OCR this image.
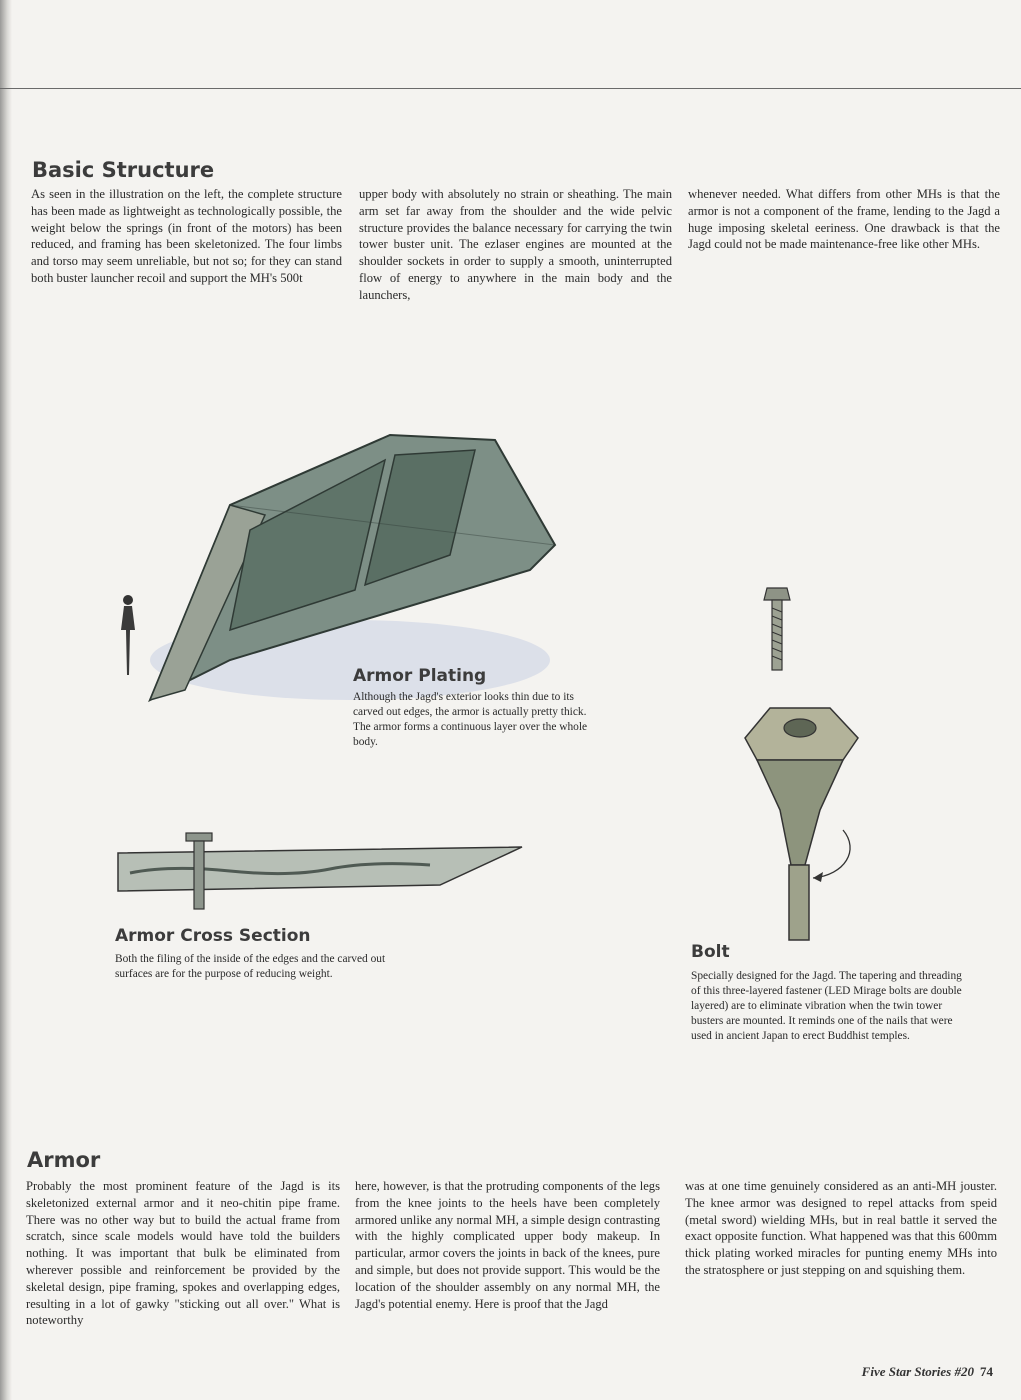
Basic Structure

As seen in the illustration on the left, the complete structure has been made as lightweight as technologically possible, the weight below the springs (in front of the motors) has been reduced, and framing has been skeletonized. The four limbs and torso may seem unreliable, but not so; for they can stand both buster launcher recoil and support the MH's 500t

upper body with absolutely no strain or sheathing. The main arm set far away from the shoulder and the wide pelvic structure provides the balance necessary for carrying the twin tower buster unit. The ezlaser engines are mounted at the shoulder sockets in order to supply a smooth, uninterrupted flow of energy to anywhere in the main body and the launchers,

whenever needed. What differs from other MHs is that the armor is not a component of the frame, lending to the Jagd a huge imposing skeletal eeriness. One drawback is that the Jagd could not be made maintenance-free like other MHs.

Armor Plating

Although the Jagd's exterior looks thin due to its carved out edges, the armor is actually pretty thick. The armor forms a continuous layer over the whole body.

Armor Cross Section

Both the filing of the inside of the edges and the carved out surfaces are for the purpose of reducing weight.

Bolt

Specially designed for the Jagd. The tapering and threading of this three-layered fastener (LED Mirage bolts are double layered) are to eliminate vibration when the twin tower busters are mounted. It reminds one of the nails that were used in ancient Japan to erect Buddhist temples.

Armor

Probably the most prominent feature of the Jagd is its skeletonized external armor and it neo-chitin pipe frame. There was no other way but to build the actual frame from scratch, since scale models would have told the builders nothing. It was important that bulk be eliminated from wherever possible and reinforcement be provided by the skeletal design, pipe framing, spokes and overlapping edges, resulting in a lot of gawky "sticking out all over." What is noteworthy

here, however, is that the protruding components of the legs from the knee joints to the heels have been completely armored unlike any normal MH, a simple design contrasting with the highly complicated upper body makeup. In particular, armor covers the joints in back of the knees, pure and simple, but does not provide support. This would be the location of the shoulder assembly on any normal MH, the Jagd's potential enemy. Here is proof that the Jagd

was at one time genuinely considered as an anti-MH jouster. The knee armor was designed to repel attacks from speid (metal sword) wielding MHs, but in real battle it served the exact opposite function. What happened was that this 600mm thick plating worked miracles for punting enemy MHs into the stratosphere or just stepping on and squishing them.

Five Star Stories #20 74
